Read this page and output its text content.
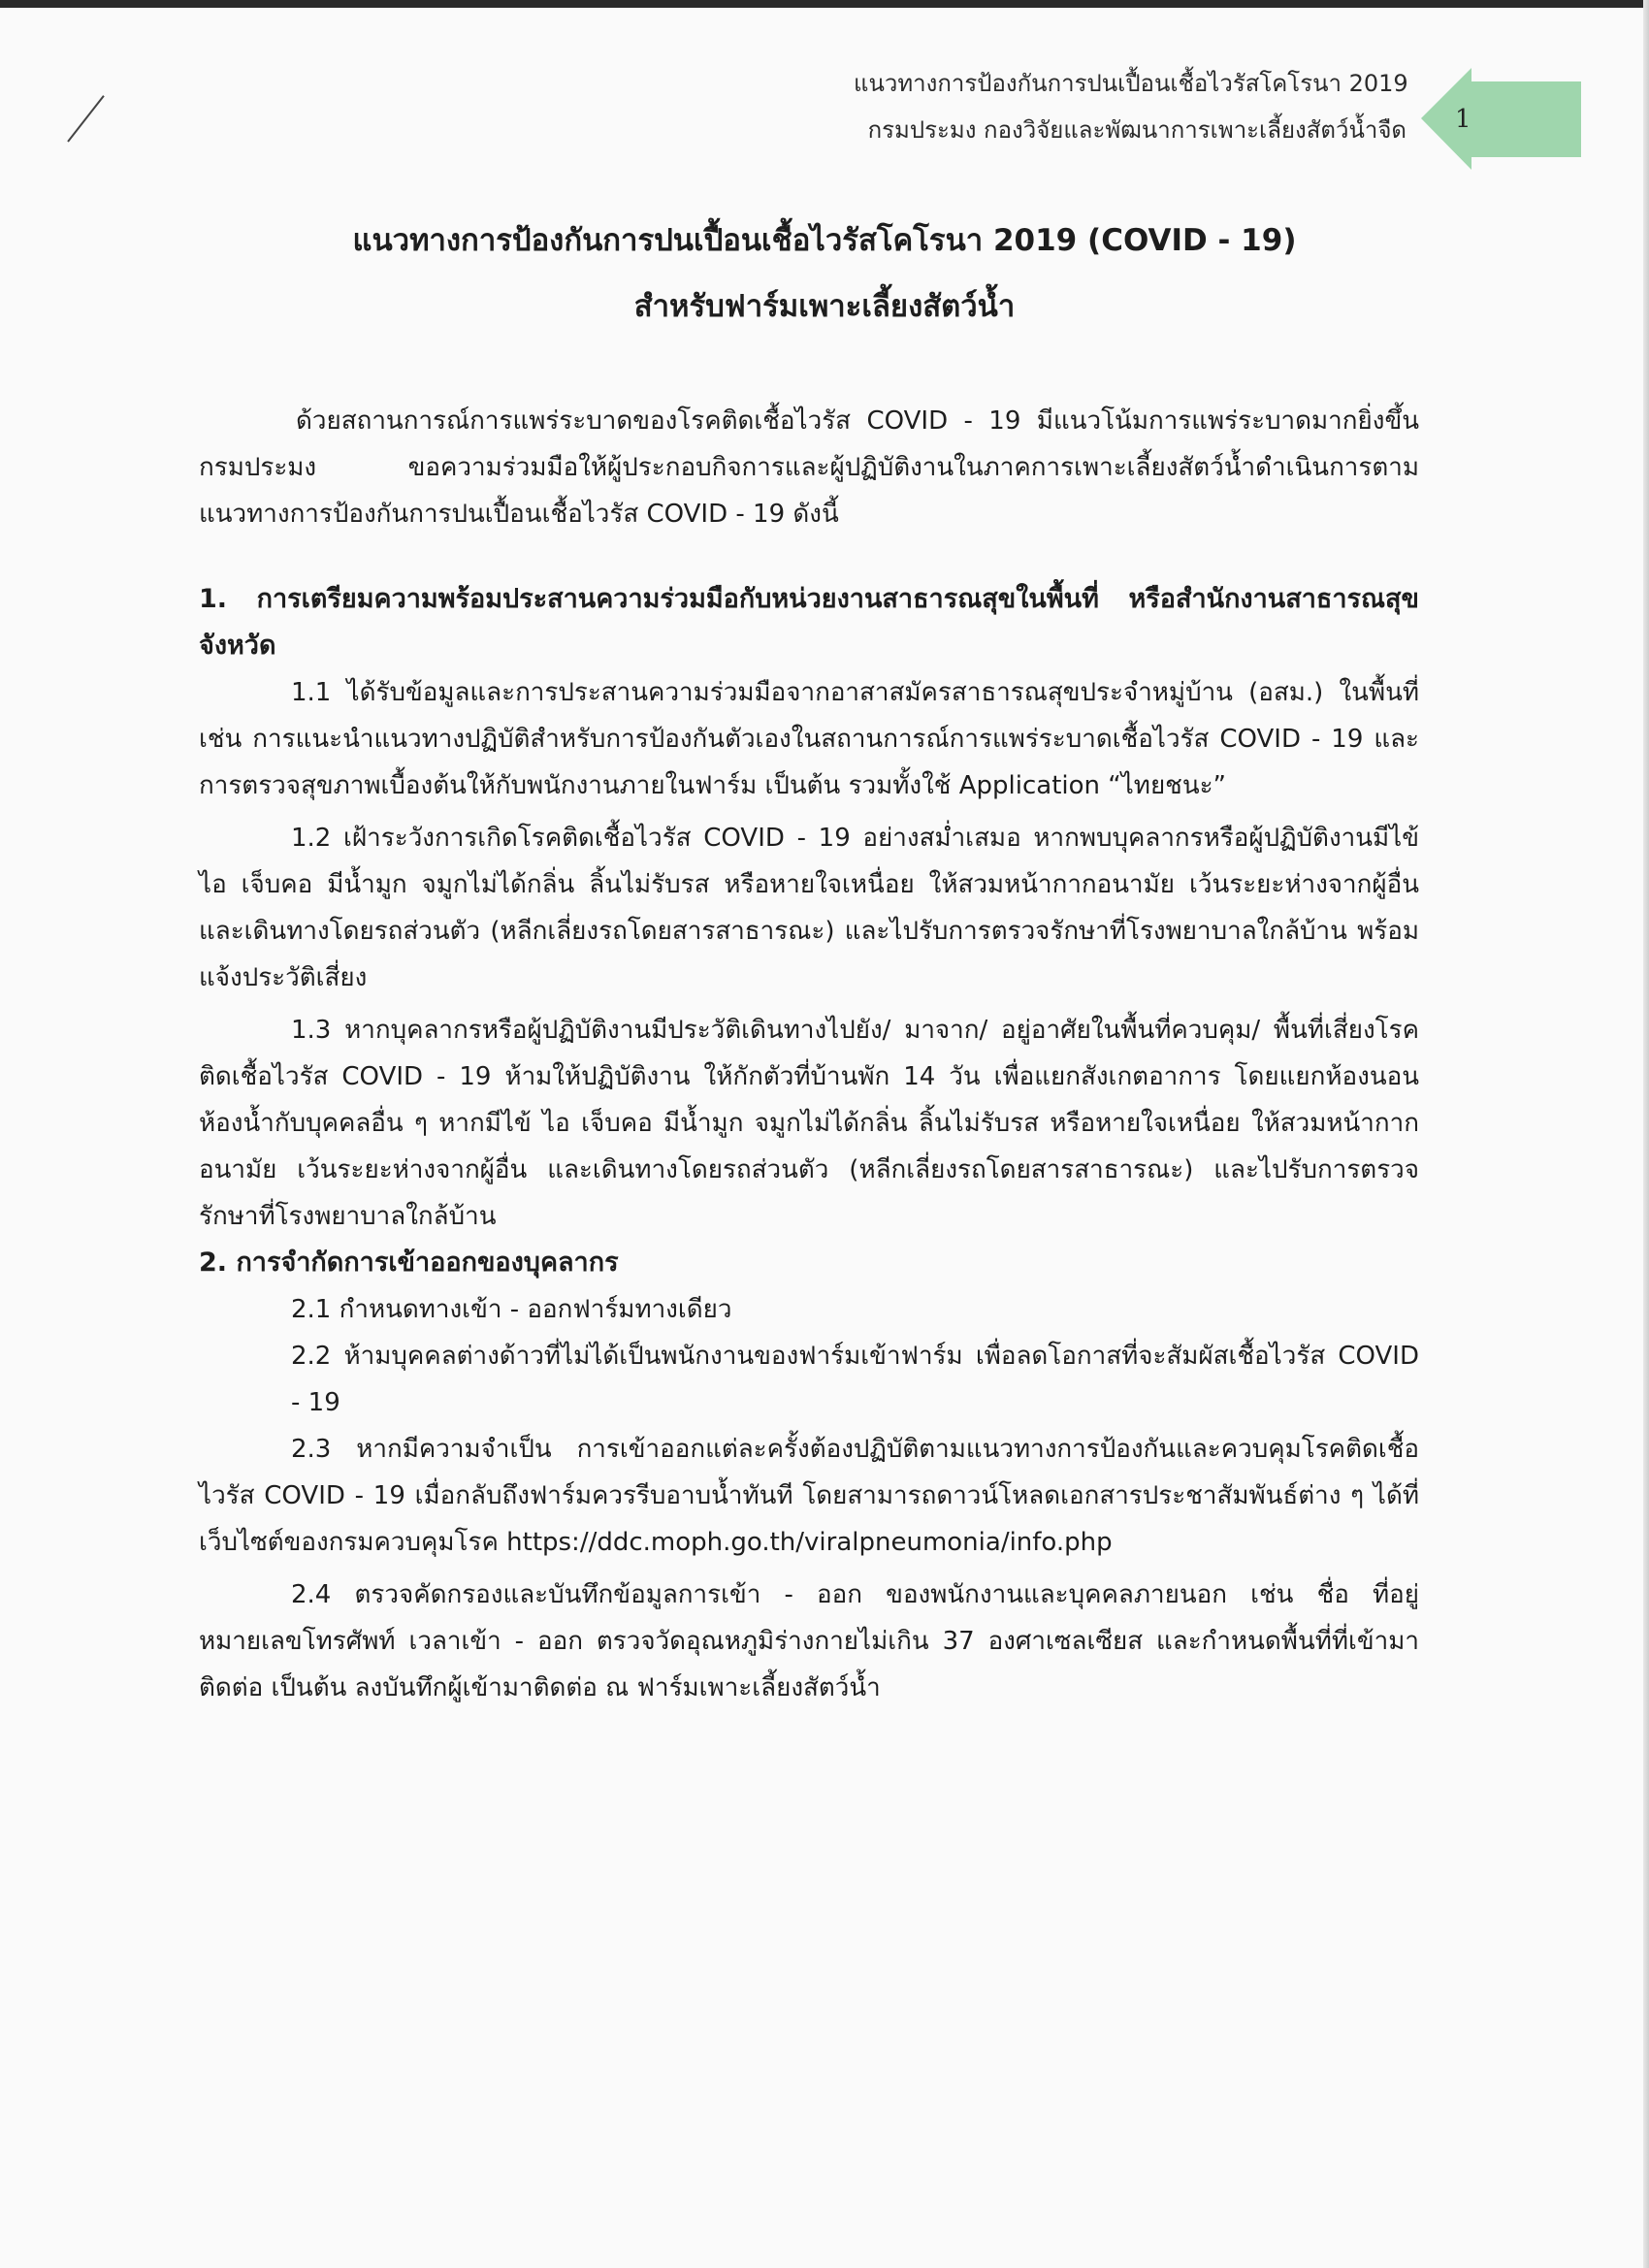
แนวทางการป้องกันการปนเปื้อนเชื้อไวรัสโคโรนา 2019
กรมประมง กองวิจัยและพัฒนาการเพาะเลี้ยงสัตว์น้ำจืด 1
แนวทางการป้องกันการปนเปื้อนเชื้อไวรัสโคโรนา 2019 (COVID - 19)
สำหรับฟาร์มเพาะเลี้ยงสัตว์น้ำ

ด้วยสถานการณ์การแพร่ระบาดของโรคติดเชื้อไวรัส COVID - 19 มีแนวโน้มการแพร่ระบาดมากยิ่งขึ้น กรมประมง ขอความร่วมมือให้ผู้ประกอบกิจการและผู้ปฏิบัติงานในภาคการเพาะเลี้ยงสัตว์น้ำดำเนินการตามแนวทางการป้องกันการปนเปื้อนเชื้อไวรัส COVID - 19 ดังนี้

1. การเตรียมความพร้อมประสานความร่วมมือกับหน่วยงานสาธารณสุขในพื้นที่ หรือสำนักงานสาธารณสุขจังหวัด

1.1 ได้รับข้อมูลและการประสานความร่วมมือจากอาสาสมัครสาธารณสุขประจำหมู่บ้าน (อสม.) ในพื้นที่ เช่น การแนะนำแนวทางปฏิบัติสำหรับการป้องกันตัวเองในสถานการณ์การแพร่ระบาดเชื้อไวรัส COVID - 19 และการตรวจสุขภาพเบื้องต้นให้กับพนักงานภายในฟาร์ม เป็นต้น รวมทั้งใช้ Application “ไทยชนะ”

1.2 เฝ้าระวังการเกิดโรคติดเชื้อไวรัส COVID - 19 อย่างสม่ำเสมอ หากพบบุคลากรหรือผู้ปฏิบัติงานมีไข้ ไอ เจ็บคอ มีน้ำมูก จมูกไม่ได้กลิ่น ลิ้นไม่รับรส หรือหายใจเหนื่อย ให้สวมหน้ากากอนามัย เว้นระยะห่างจากผู้อื่น และเดินทางโดยรถส่วนตัว (หลีกเลี่ยงรถโดยสารสาธารณะ) และไปรับการตรวจรักษาที่โรงพยาบาลใกล้บ้าน พร้อมแจ้งประวัติเสี่ยง

1.3 หากบุคลากรหรือผู้ปฏิบัติงานมีประวัติเดินทางไปยัง/ มาจาก/ อยู่อาศัยในพื้นที่ควบคุม/ พื้นที่เสี่ยงโรคติดเชื้อไวรัส COVID - 19 ห้ามให้ปฏิบัติงาน ให้กักตัวที่บ้านพัก 14 วัน เพื่อแยกสังเกตอาการ โดยแยกห้องนอน ห้องน้ำกับบุคคลอื่น ๆ หากมีไข้ ไอ เจ็บคอ มีน้ำมูก จมูกไม่ได้กลิ่น ลิ้นไม่รับรส หรือหายใจเหนื่อย ให้สวมหน้ากากอนามัย เว้นระยะห่างจากผู้อื่น และเดินทางโดยรถส่วนตัว (หลีกเลี่ยงรถโดยสารสาธารณะ) และไปรับการตรวจรักษาที่โรงพยาบาลใกล้บ้าน

2. การจำกัดการเข้าออกของบุคลากร

2.1 กำหนดทางเข้า - ออกฟาร์มทางเดียว

2.2 ห้ามบุคคลต่างด้าวที่ไม่ได้เป็นพนักงานของฟาร์มเข้าฟาร์ม เพื่อลดโอกาสที่จะสัมผัสเชื้อไวรัส COVID - 19

2.3 หากมีความจำเป็น การเข้าออกแต่ละครั้งต้องปฏิบัติตามแนวทางการป้องกันและควบคุมโรคติดเชื้อไวรัส COVID - 19 เมื่อกลับถึงฟาร์มควรรีบอาบน้ำทันที โดยสามารถดาวน์โหลดเอกสารประชาสัมพันธ์ต่าง ๆ ได้ที่เว็บไซต์ของกรมควบคุมโรค https://ddc.moph.go.th/viralpneumonia/info.php

2.4 ตรวจคัดกรองและบันทึกข้อมูลการเข้า - ออก ของพนักงานและบุคคลภายนอก เช่น ชื่อ ที่อยู่ หมายเลขโทรศัพท์ เวลาเข้า - ออก ตรวจวัดอุณหภูมิร่างกายไม่เกิน 37 องศาเซลเซียส และกำหนดพื้นที่ที่เข้ามาติดต่อ เป็นต้น ลงบันทึกผู้เข้ามาติดต่อ ณ ฟาร์มเพาะเลี้ยงสัตว์น้ำ
